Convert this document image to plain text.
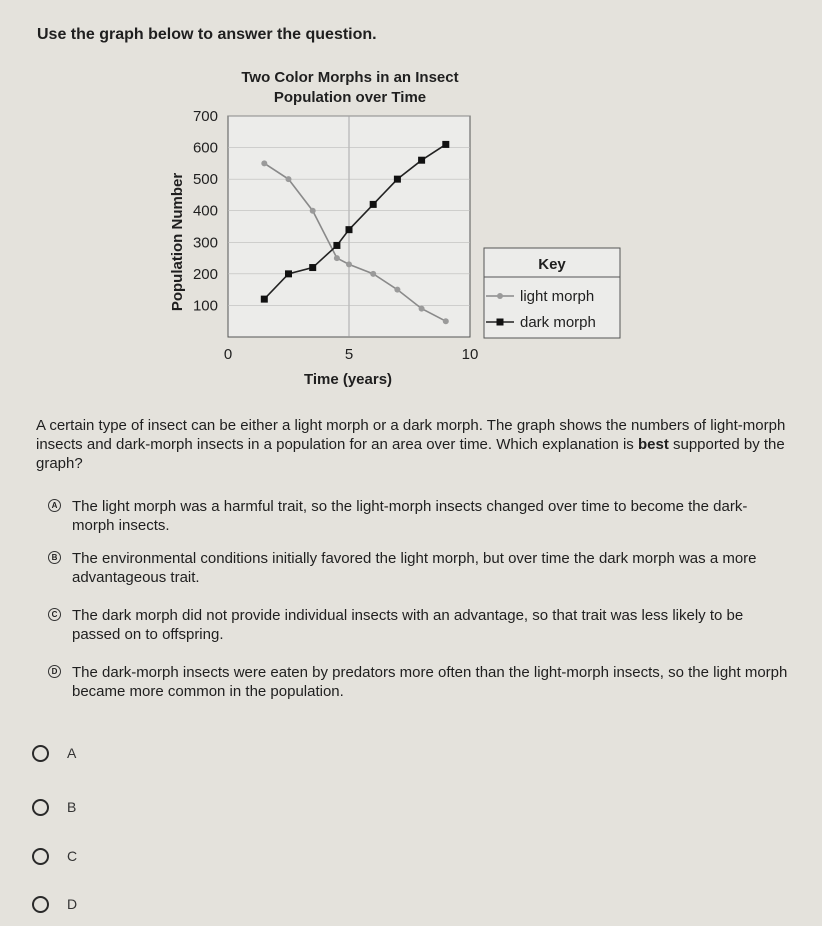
Use the graph below to answer the question.
Two Color Morphs in an Insect
Population over Time
100
200
300
400
500
600
700
0	5	10
Time (years)
Population Number	Key
light morph
dark morph
A certain type of insect can be either a light morph or a dark morph. The graph shows the numbers of light-morph insects and dark-morph insects in a population for an area over time. Which explanation is best supported by the graph?
A The light morph was a harmful trait, so the light-morph insects changed over time to become the dark-morph insects.
B The environmental conditions initially favored the light morph, but over time the dark morph was a more advantageous trait.
C The dark morph did not provide individual insects with an advantage, so that trait was less likely to be passed on to offspring.
D The dark-morph insects were eaten by predators more often than the light-morph insects, so the light morph became more common in the population.
A
B
C
D
